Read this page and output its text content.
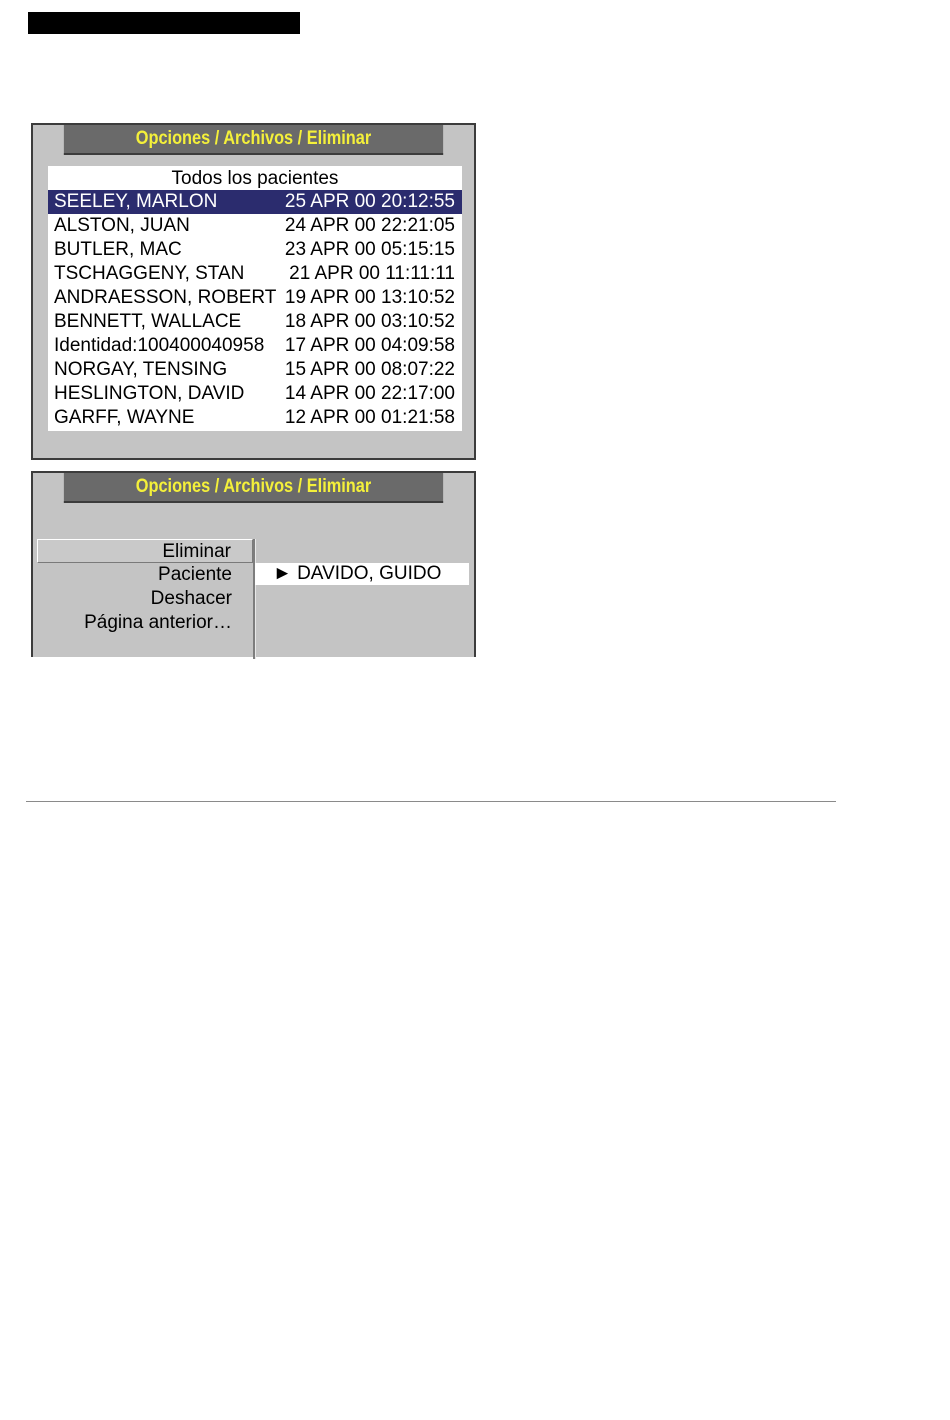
Opciones / Archivos / Eliminar
Todos los pacientes
SEELEY, MARLON	25 APR 00 20:12:55
ALSTON, JUAN	24 APR 00 22:21:05
BUTLER, MAC	23 APR 00 05:15:15
TSCHAGGENY, STAN 21 APR 00 11:11:11
ANDRAESSON, ROBERT 19 APR 00 13:10:52
BENNETT, WALLACE 18 APR 00 03:10:52
Identidad:100400040958 17 APR 00 04:09:58
NORGAY, TENSING	15 APR 00 08:07:22
HESLINGTON, DAVID 14 APR 00 22:17:00
GARFF, WAYNE	12 APR 00 01:21:58
Opciones / Archivos / Eliminar
Eliminar
Paciente
Deshacer
Página anterior…
► DAVIDO, GUIDO
